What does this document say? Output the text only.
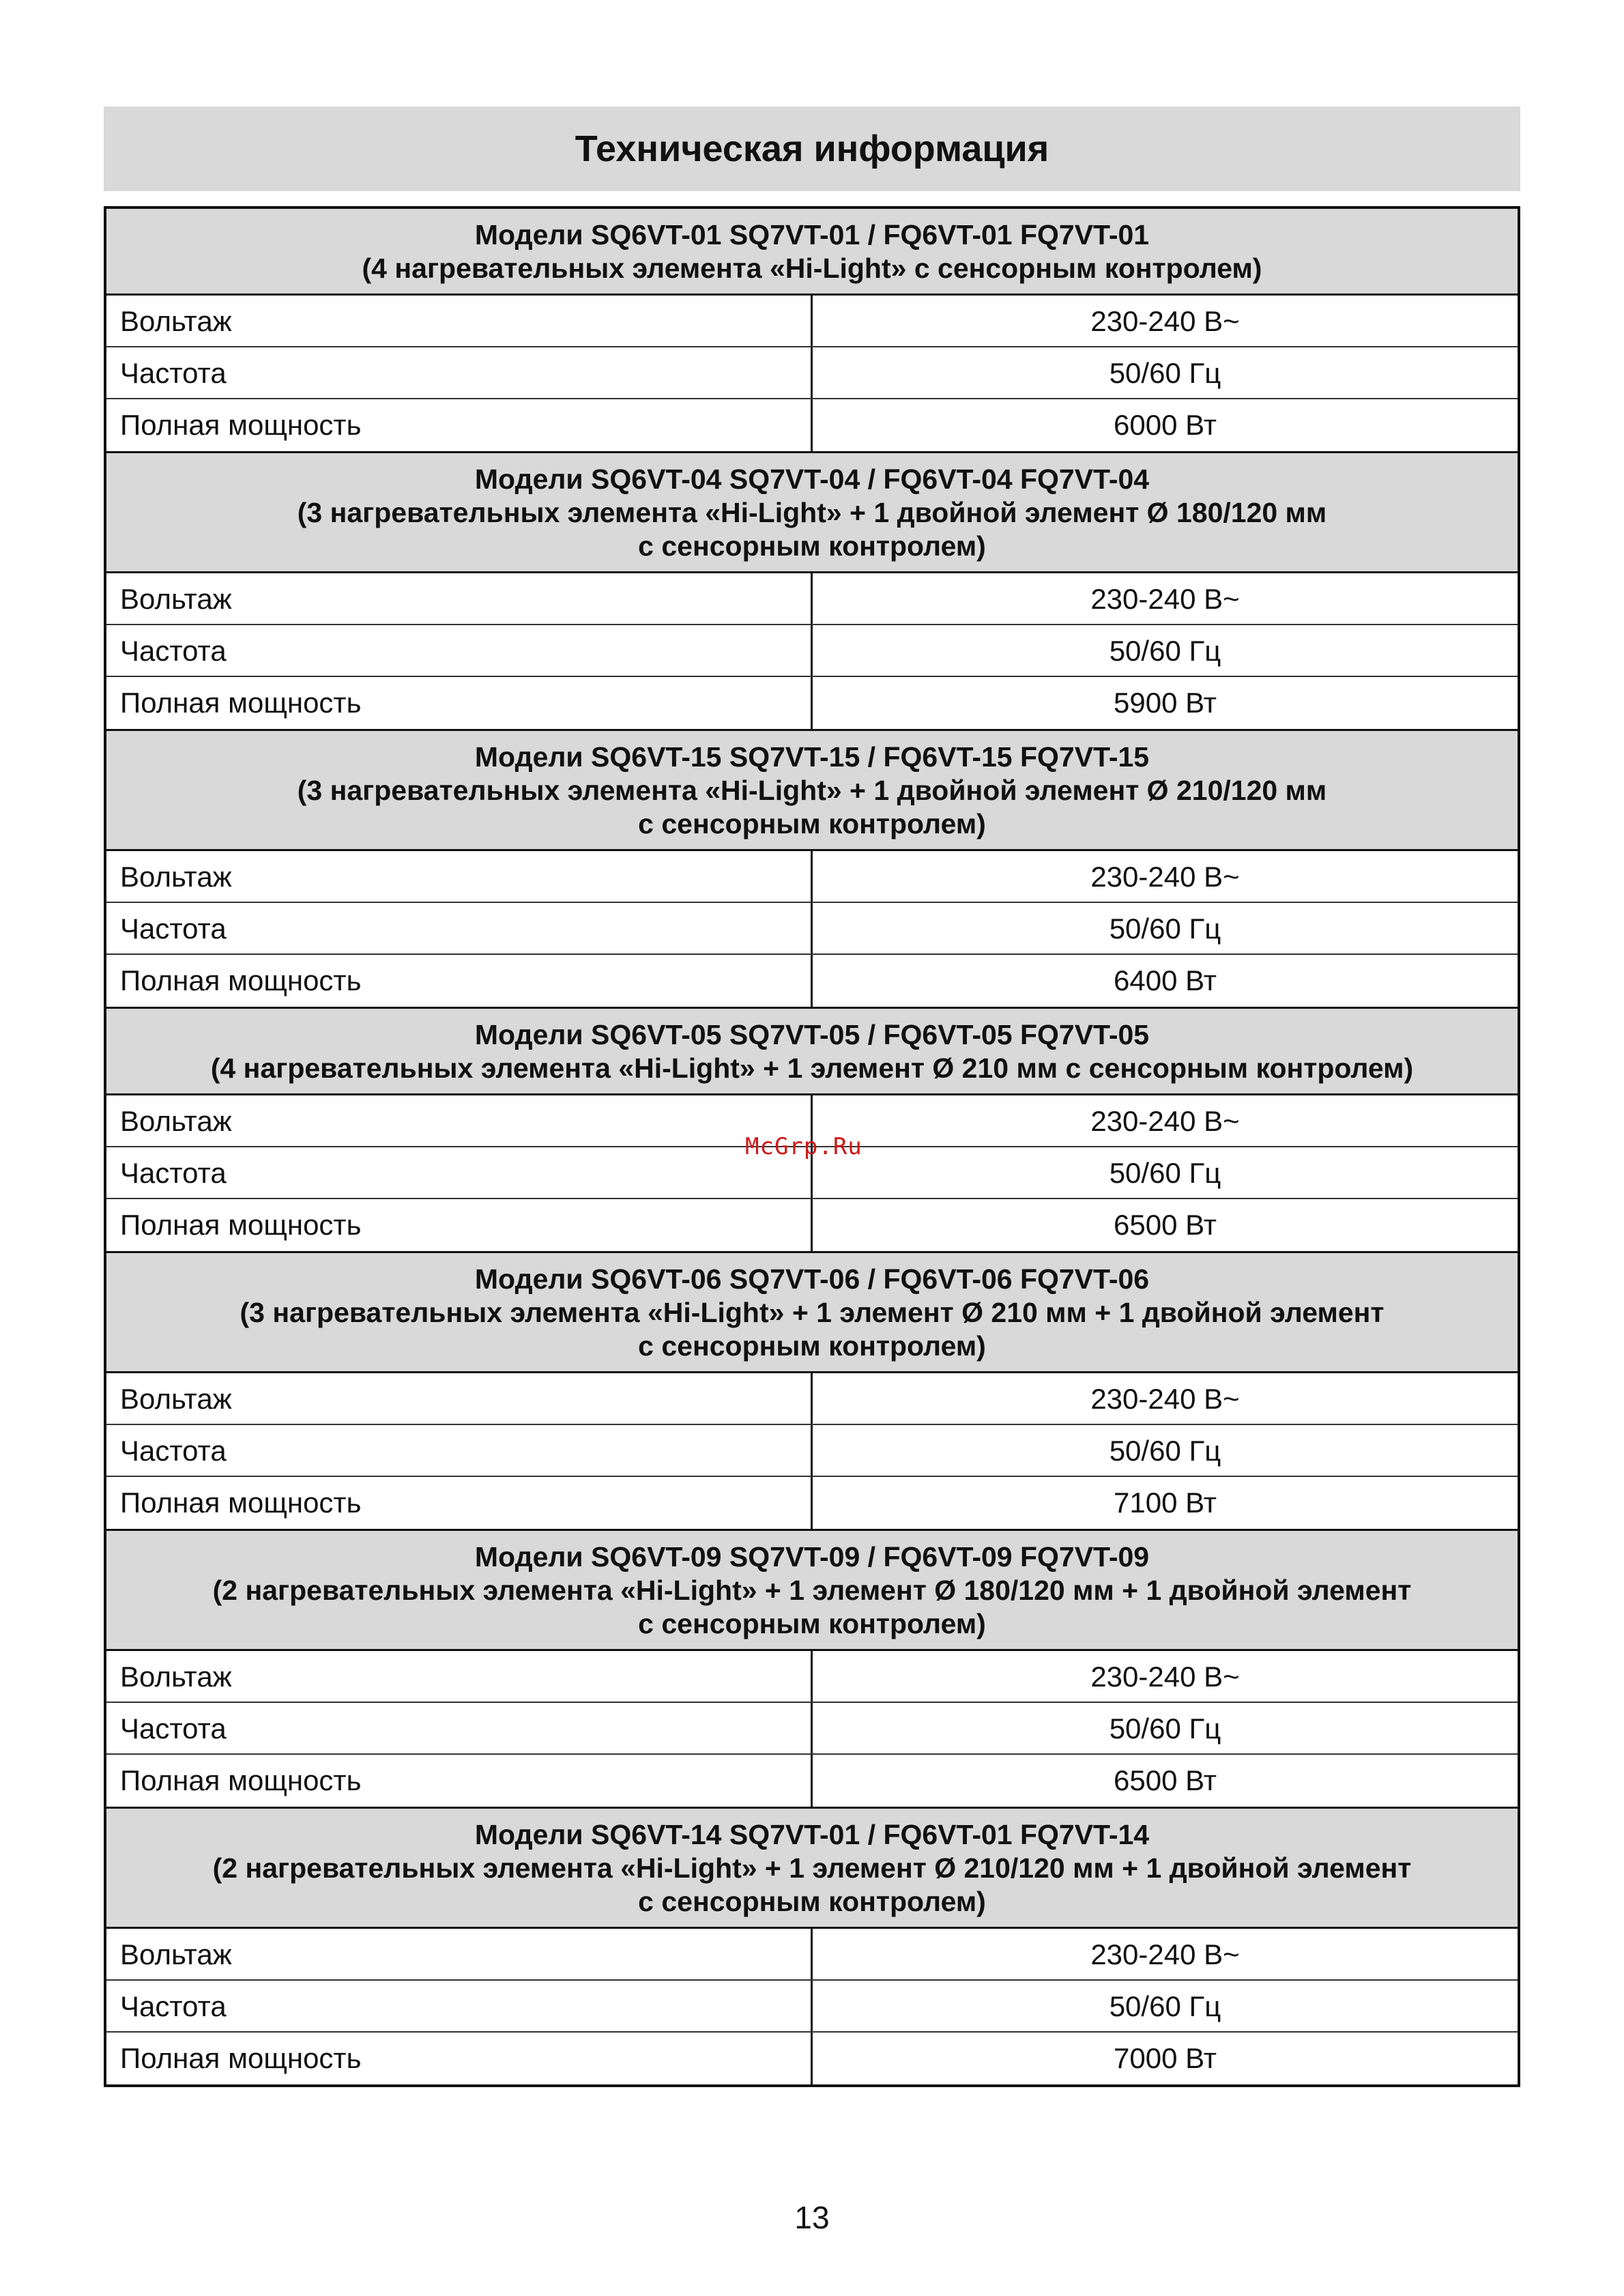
Техническая информация
Модели SQ6VT-01 SQ7VT-01 / FQ6VT-01 FQ7VT-01
(4 нагревательных элемента «Hi-Light» с сенсорным контролем)
Вольтаж	230-240 В~
Частота	50/60 Гц
Полная мощность	6000 Вт
Модели SQ6VT-04 SQ7VT-04 / FQ6VT-04 FQ7VT-04
(3 нагревательных элемента «Hi-Light» + 1 двойной элемент Ø 180/120 мм
с сенсорным контролем)
Вольтаж	230-240 В~
Частота	50/60 Гц
Полная мощность	5900 Вт
Модели SQ6VT-15 SQ7VT-15 / FQ6VT-15 FQ7VT-15
(3 нагревательных элемента «Hi-Light» + 1 двойной элемент Ø 210/120 мм
с сенсорным контролем)
Вольтаж	230-240 В~
Частота	50/60 Гц
Полная мощность	6400 Вт
Модели SQ6VT-05 SQ7VT-05 / FQ6VT-05 FQ7VT-05
(4 нагревательных элемента «Hi-Light» + 1 элемент Ø 210 мм с сенсорным контролем)
Вольтаж	230-240 В~
Частота	50/60 Гц
Полная мощность	6500 Вт
Модели SQ6VT-06 SQ7VT-06 / FQ6VT-06 FQ7VT-06
(3 нагревательных элемента «Hi-Light» + 1 элемент Ø 210 мм + 1 двойной элемент
с сенсорным контролем)
Вольтаж	230-240 В~
Частота	50/60 Гц
Полная мощность	7100 Вт
Модели SQ6VT-09 SQ7VT-09 / FQ6VT-09 FQ7VT-09
(2 нагревательных элемента «Hi-Light» + 1 элемент Ø 180/120 мм + 1 двойной элемент
с сенсорным контролем)
Вольтаж	230-240 В~
Частота	50/60 Гц
Полная мощность	6500 Вт
Модели SQ6VT-14 SQ7VT-01 / FQ6VT-01 FQ7VT-14
(2 нагревательных элемента «Hi-Light» + 1 элемент Ø 210/120 мм + 1 двойной элемент
с сенсорным контролем)
Вольтаж	230-240 В~
Частота	50/60 Гц
Полная мощность	7000 Вт
McGrp.Ru
13
